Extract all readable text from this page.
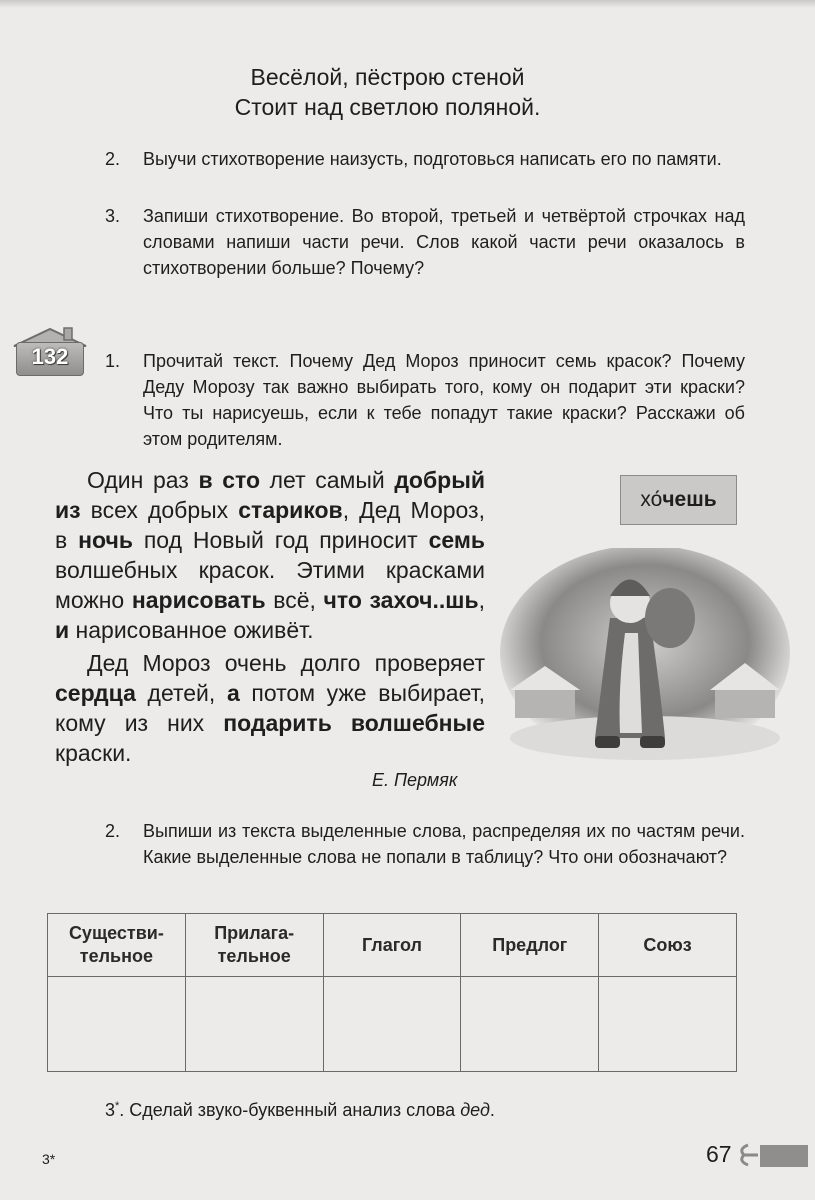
Весёлой, пёстрою стеной
Стоит над светлою поляной.
2. Выучи стихотворение наизусть, подготовься написать его по памяти.
3. Запиши стихотворение. Во второй, третьей и четвёртой строчках над словами напиши части речи. Слов какой части речи оказалось в стихотворении больше? Почему?
132	1. Прочитай текст. Почему Дед Мороз приносит семь красок? Почему Деду Морозу так важно выбирать того, кому он подарит эти краски? Что ты нарисуешь, если к тебе попадут такие краски? Расскажи об этом родителям.
Один раз в сто лет самый добрый из всех добрых стариков, Дед Мороз, в ночь под Новый год приносит семь волшебных красок. Этими красками можно нарисовать всё, что захоч..шь, и нарисованное оживёт.
Дед Мороз очень долго проверяет сердца детей, а потом уже выбирает, кому из них подарить волшебные краски.
Е. Пермяк
хочешь
2. Выпиши из текста выделенные слова, распределяя их по частям речи. Какие выделенные слова не попали в таблицу? Что они обозначают?
Существи-
тельное	Прилага-
тельное	Глагол	Предлог	Союз

3*. Сделай звуко-буквенный анализ слова дед.
3*	67
